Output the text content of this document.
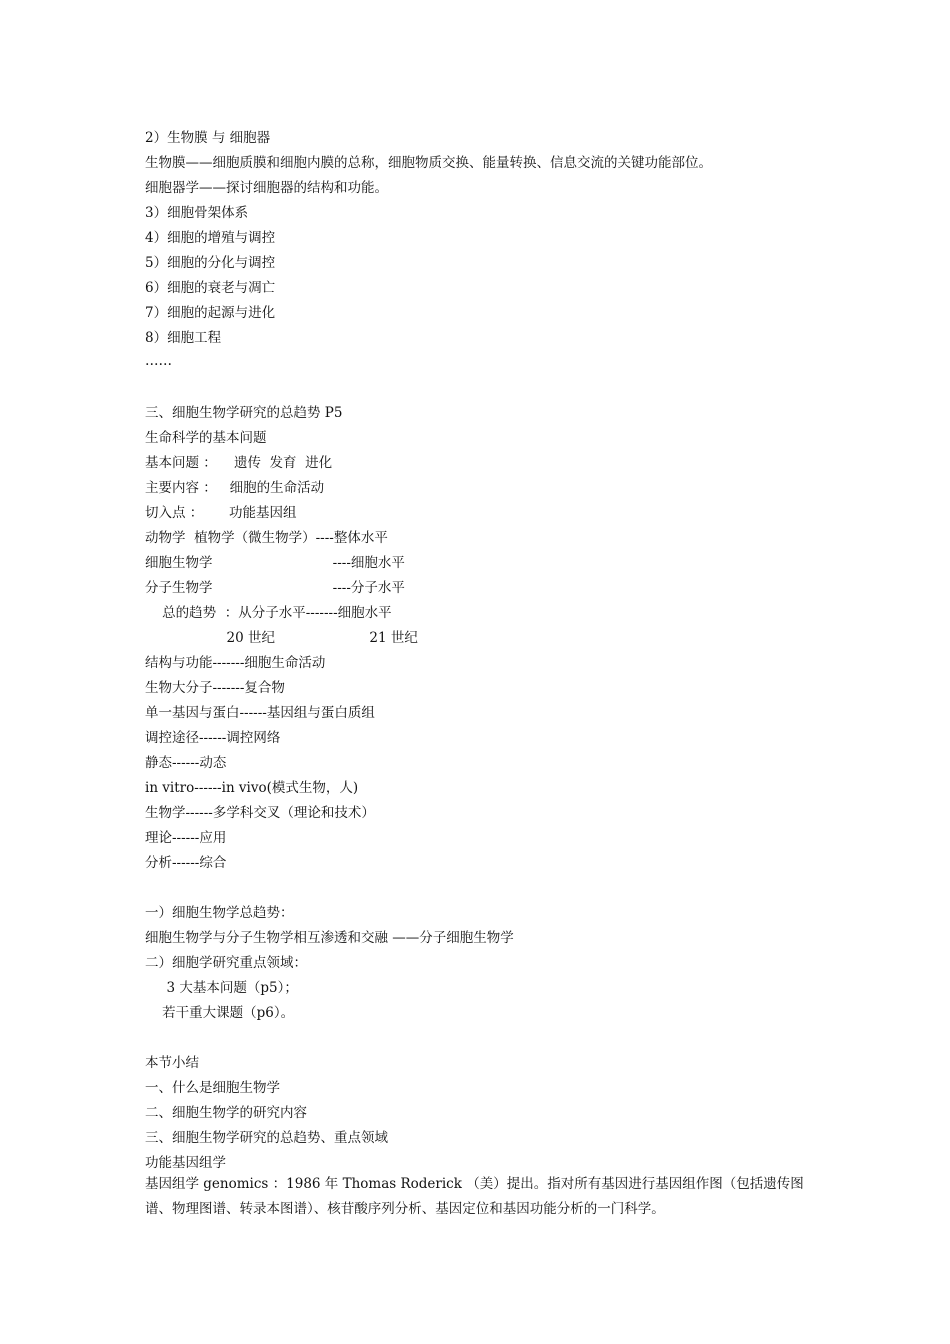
2）生物膜 与 细胞器

生物膜——细胞质膜和细胞内膜的总称，细胞物质交换、能量转换、信息交流的关键功能部位。

细胞器学——探讨细胞器的结构和功能。

3）细胞骨架体系

4）细胞的增殖与调控

5）细胞的分化与调控

6）细胞的衰老与凋亡

7）细胞的起源与进化

8）细胞工程

……

三、细胞生物学研究的总趋势 P5

生命科学的基本问题

基本问题 ：    遗传  发育  进化

主要内容 ：   细胞的生命活动

切入点 ：      功能基因组

动物学  植物学（微生物学）----整体水平

细胞生物学                            ----细胞水平

分子生物学                            ----分子水平

总的趋势  ：从分子水平-------细胞水平

20 世纪                      21 世纪

结构与功能-------细胞生命活动

生物大分子-------复合物

单一基因与蛋白------基因组与蛋白质组

调控途径------调控网络

静态------动态

in vitro------in vivo(模式生物，人)

生物学------多学科交叉（理论和技术）

理论------应用

分析------综合

一）细胞生物学总趋势：

细胞生物学与分子生物学相互渗透和交融 ——分子细胞生物学

二）细胞学研究重点领域：

3 大基本问题（p5）；

若干重大课题（p6）。

本节小结

一、什么是细胞生物学

二、细胞生物学的研究内容

三、细胞生物学研究的总趋势、重点领域

功能基因组学

基因组学 genomics ：1986 年 Thomas Roderick （美）提出。指对所有基因进行基因组作图（包括遗传图谱、物理图谱、转录本图谱）、核苷酸序列分析、基因定位和基因功能分析的一门科学。
